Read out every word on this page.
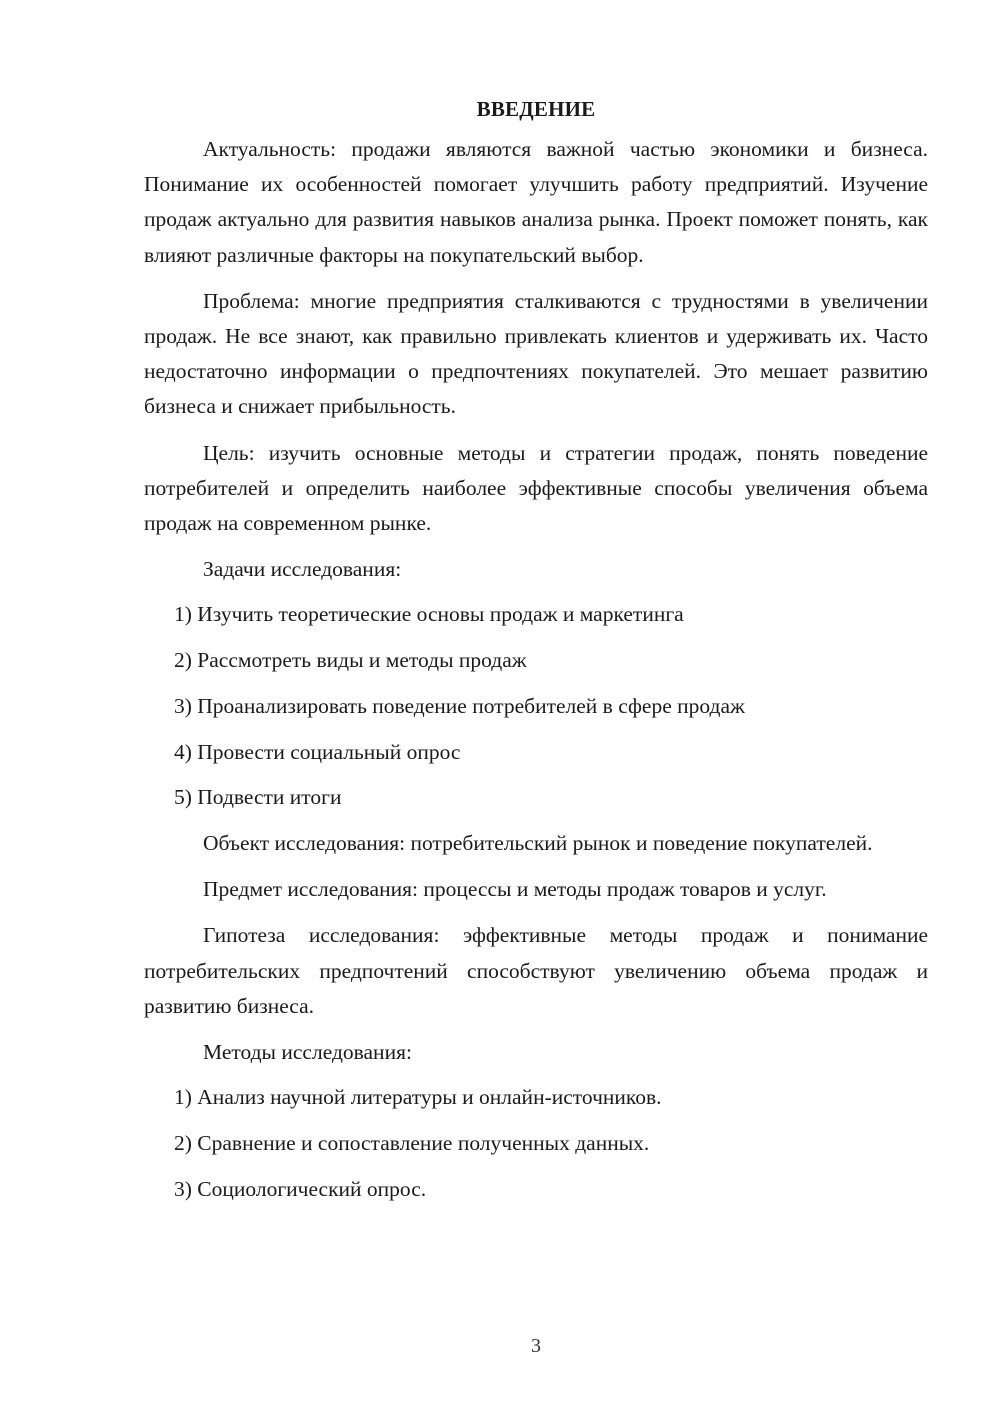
ВВЕДЕНИЕ

Актуальность: продажи являются важной частью экономики и бизнеса. Понимание их особенностей помогает улучшить работу предприятий. Изучение продаж актуально для развития навыков анализа рынка. Проект поможет понять, как влияют различные факторы на покупательский выбор.

Проблема: многие предприятия сталкиваются с трудностями в увеличении продаж. Не все знают, как правильно привлекать клиентов и удерживать их. Часто недостаточно информации о предпочтениях покупателей. Это мешает развитию бизнеса и снижает прибыльность.

Цель: изучить основные методы и стратегии продаж, понять поведение потребителей и определить наиболее эффективные способы увеличения объема продаж на современном рынке.

Задачи исследования:
1) Изучить теоретические основы продаж и маркетинга
2) Рассмотреть виды и методы продаж
3) Проанализировать поведение потребителей в сфере продаж
4) Провести социальный опрос
5) Подвести итоги

Объект исследования: потребительский рынок и поведение покупателей.

Предмет исследования: процессы и методы продаж товаров и услуг.

Гипотеза исследования: эффективные методы продаж и понимание потребительских предпочтений способствуют увеличению объема продаж и развитию бизнеса.

Методы исследования:
1) Анализ научной литературы и онлайн-источников.
2) Сравнение и сопоставление полученных данных.
3) Социологический опрос.
3
